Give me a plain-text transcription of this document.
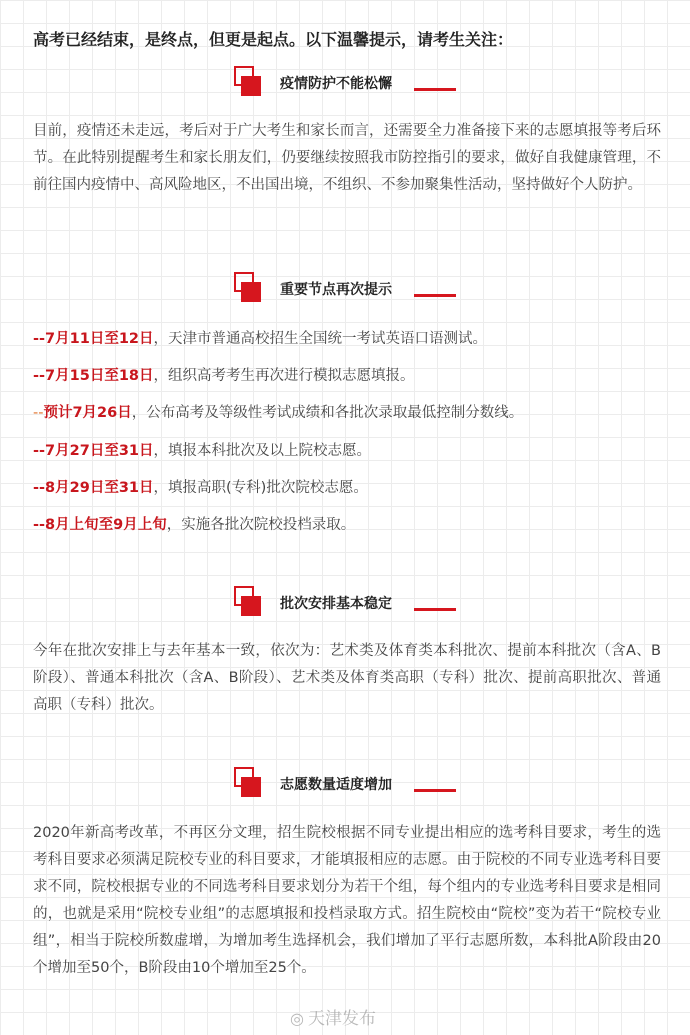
高考已经结束，是终点，但更是起点。以下温馨提示，请考生关注：
疫情防护不能松懈
目前，疫情还未走远，考后对于广大考生和家长而言，还需要全力准备接下来的志愿填报等考后环节。在此特别提醒考生和家长朋友们，仍要继续按照我市防控指引的要求，做好自我健康管理，不前往国内疫情中、高风险地区，不出国出境，不组织、不参加聚集性活动，坚持做好个人防护。
重要节点再次提示
--7月11日至12日，天津市普通高校招生全国统一考试英语口语测试。
--7月15日至18日，组织高考考生再次进行模拟志愿填报。
--预计7月26日，公布高考及等级性考试成绩和各批次录取最低控制分数线。
--7月27日至31日，填报本科批次及以上院校志愿。
--8月29日至31日，填报高职(专科)批次院校志愿。
--8月上旬至9月上旬，实施各批次院校投档录取。
批次安排基本稳定
今年在批次安排上与去年基本一致，依次为：艺术类及体育类本科批次、提前本科批次（含A、B阶段）、普通本科批次（含A、B阶段）、艺术类及体育类高职（专科）批次、提前高职批次、普通高职（专科）批次。
志愿数量适度增加
2020年新高考改革，不再区分文理，招生院校根据不同专业提出相应的选考科目要求，考生的选考科目要求必须满足院校专业的科目要求，才能填报相应的志愿。由于院校的不同专业选考科目要求不同，院校根据专业的不同选考科目要求划分为若干个组，每个组内的专业选考科目要求是相同的，也就是采用“院校专业组”的志愿填报和投档录取方式。招生院校由“院校”变为若干“院校专业组”，相当于院校所数虚增，为增加考生选择机会，我们增加了平行志愿所数，本科批A阶段由20个增加至50个，B阶段由10个增加至25个。
◎ 天津发布
